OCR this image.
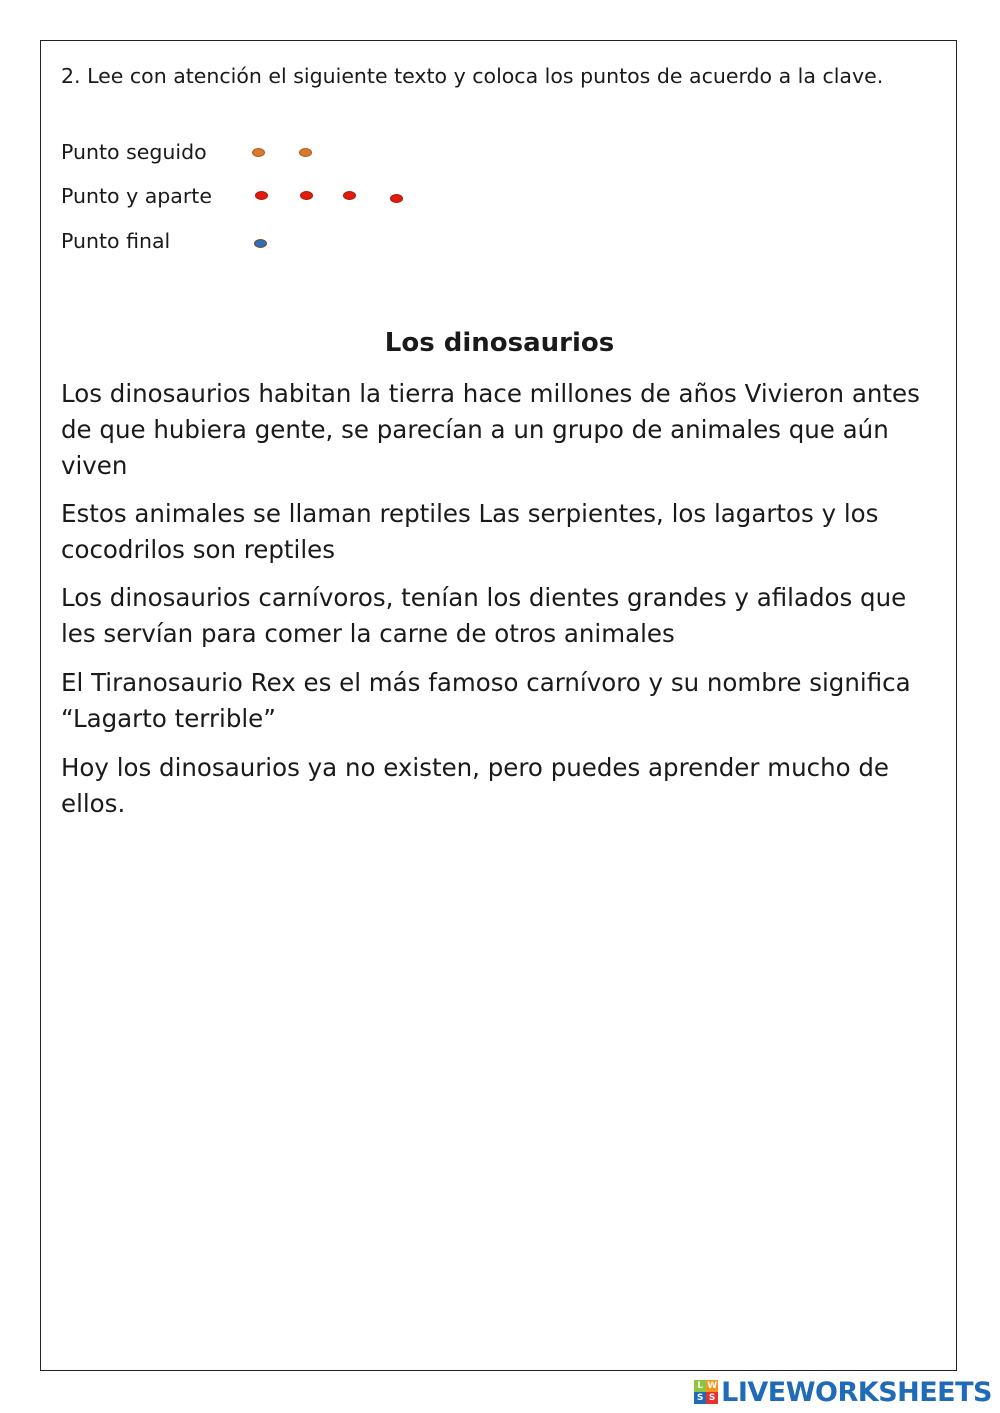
2. Lee con atención el siguiente texto y coloca los puntos de acuerdo a la clave.

Punto seguido
Punto y aparte
Punto final
Los dinosaurios

Los dinosaurios habitan la tierra hace millones de años Vivieron antes de que hubiera gente, se parecían a un grupo de animales que aún viven

Estos animales se llaman reptiles Las serpientes, los lagartos y los cocodrilos son reptiles

Los dinosaurios carnívoros, tenían los dientes grandes y afilados que les servían para comer la carne de otros animales

El Tiranosaurio Rex es el más famoso carnívoro y su nombre significa “Lagarto terrible”

Hoy los dinosaurios ya no existen, pero puedes aprender mucho de ellos.

L W
S S LIVEWORKSHEETS
